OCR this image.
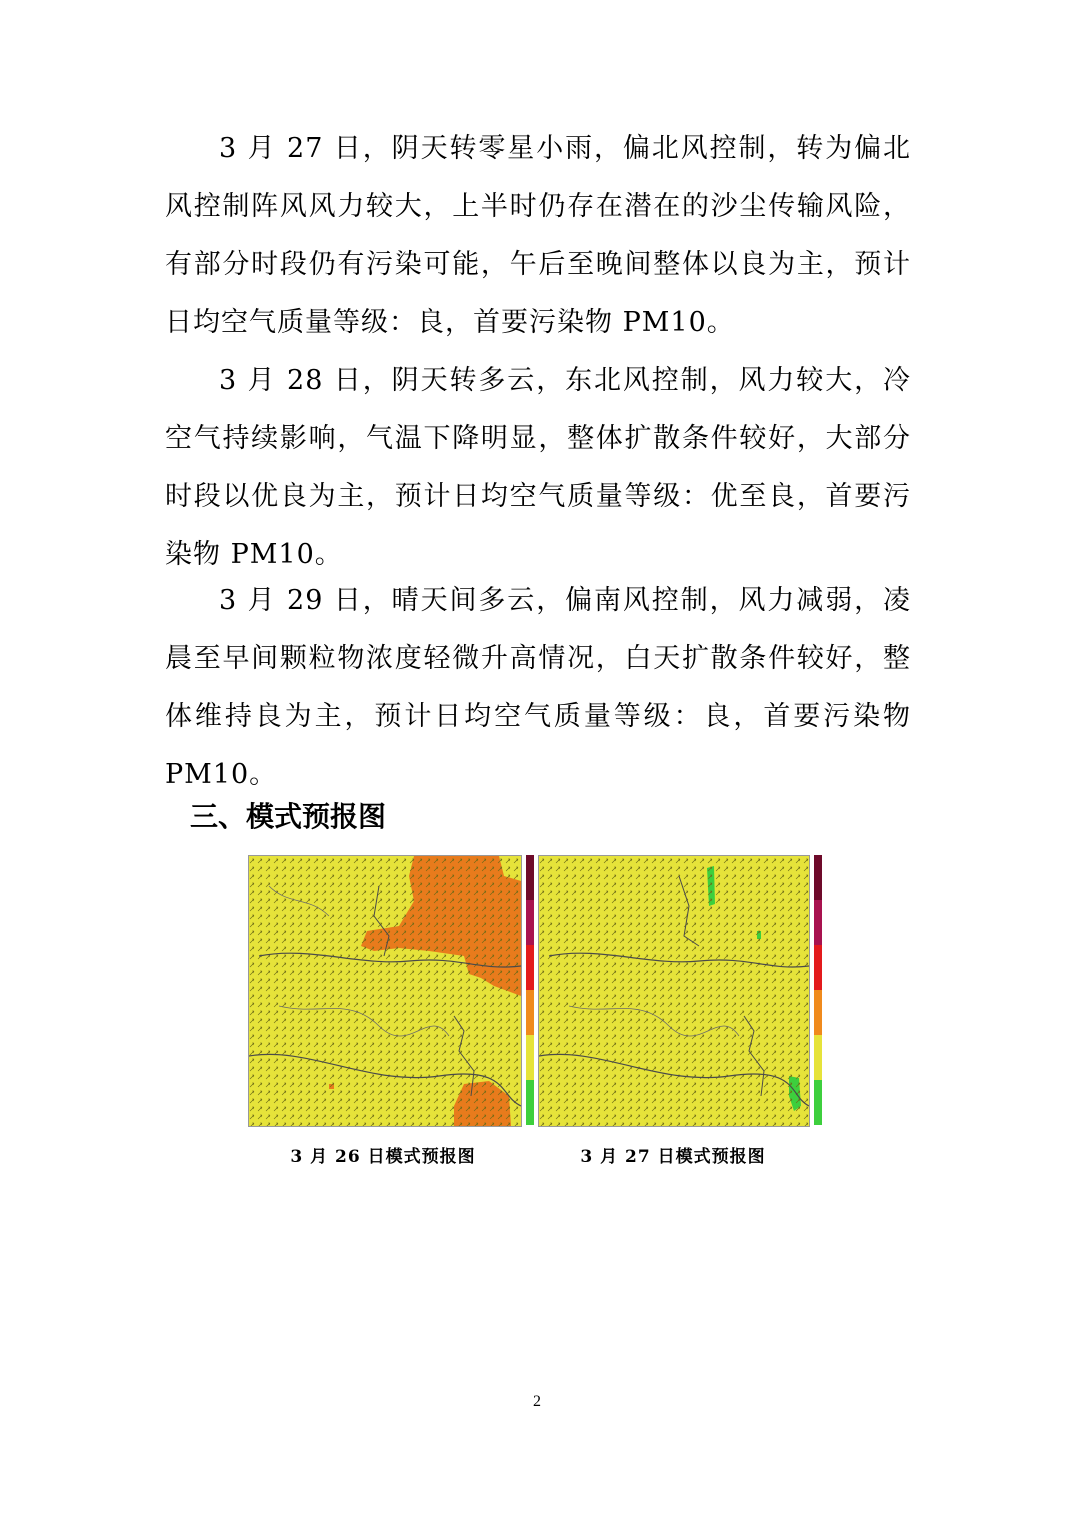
3 月 27 日，阴天转零星小雨，偏北风控制，转为偏北风控制阵风风力较大，上半时仍存在潜在的沙尘传输风险，有部分时段仍有污染可能，午后至晚间整体以良为主，预计日均空气质量等级：良，首要污染物 PM10。

3 月 28 日，阴天转多云，东北风控制，风力较大，冷空气持续影响，气温下降明显，整体扩散条件较好，大部分时段以优良为主，预计日均空气质量等级：优至良，首要污染物 PM10。

3 月 29 日，晴天间多云，偏南风控制，风力减弱，凌晨至早间颗粒物浓度轻微升高情况，白天扩散条件较好，整体维持良为主，预计日均空气质量等级：良，首要污染物 PM10。

三、模式预报图
3 月 26 日模式预报图	3 月 27 日模式预报图
2
